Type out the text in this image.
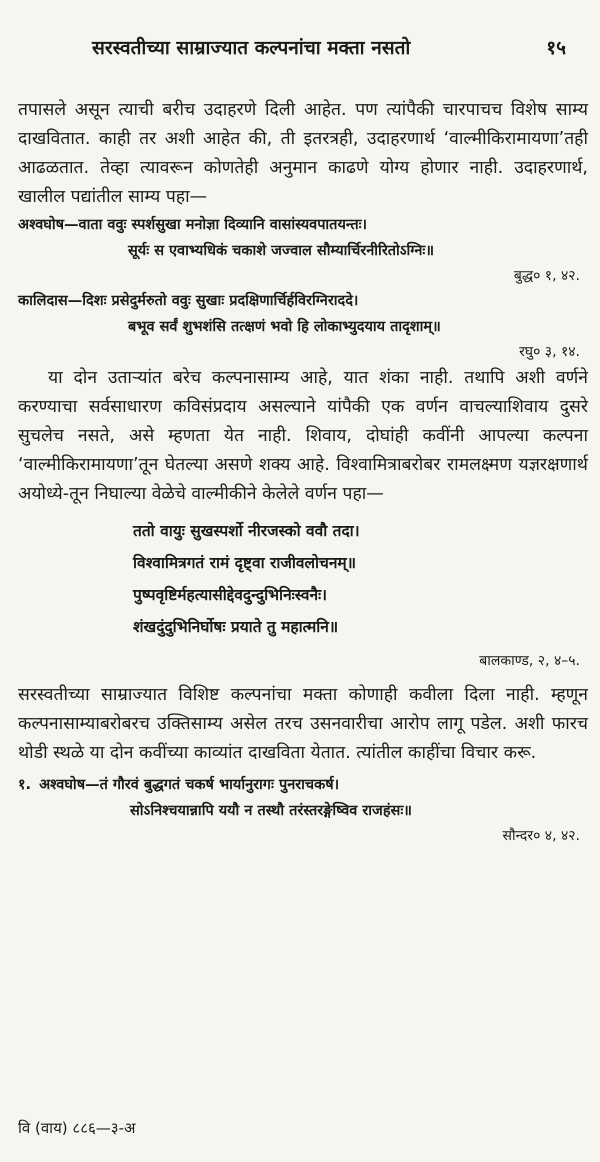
सरस्वतीच्या साम्राज्यात कल्पनांचा मक्ता नसतो	१५

तपासले असून त्याची बरीच उदाहरणे दिली आहेत. पण त्यांपैकी चारपाचच विशेष साम्य दाखवितात. काही तर अशी आहेत की, ती इतरत्रही, उदाहरणार्थ ‘वाल्मीकिरामायणा’तही आढळतात. तेव्हा त्यावरून कोणतेही अनुमान काढणे योग्य होणार नाही. उदाहरणार्थ, खालील पद्यांतील साम्य पहा—

अश्वघोष— वाता ववुः स्पर्शसुखा मनोज्ञा दिव्यानि वासांस्यवपातयन्तः।
सूर्यः स एवाभ्यधिकं चकाशे जज्वाल सौम्यार्चिरनीरितोऽग्निः॥
बुद्ध० १, ४२.
कालिदास— दिशः प्रसेदुर्मरुतो ववुः सुखाः प्रदक्षिणार्चिर्हविरग्निराददे।
बभूव सर्वं शुभशंसि तत्क्षणं भवो हि लोकाभ्युदयाय तादृशाम्॥
रघु० ३, १४.

या दोन उताऱ्यांत बरेच कल्पनासाम्य आहे, यात शंका नाही. तथापि अशी वर्णने करण्याचा सर्वसाधारण कविसंप्रदाय असल्याने यांपैकी एक वर्णन वाचल्याशिवाय दुसरे सुचलेच नसते, असे म्हणता येत नाही. शिवाय, दोघांही कवींनी आपल्या कल्पना ‘वाल्मीकिरामायणा’तून घेतल्या असणे शक्य आहे. विश्वामित्राबरोबर रामलक्ष्मण यज्ञरक्षणार्थ अयोध्ये-तून निघाल्या वेळेचे वाल्मीकीने केलेले वर्णन पहा—

ततो वायुः सुखस्पर्शो नीरजस्को ववौ तदा।
विश्वामित्रगतं रामं दृष्ट्वा राजीवलोचनम्॥
पुष्पवृष्टिर्महत्यासीद्देवदुन्दुभिनिःस्वनैः।
शंखदुंदुभिनिर्घोषः प्रयाते तु महात्मनि॥
बालकाण्ड, २, ४–५.

सरस्वतीच्या साम्राज्यात विशिष्ट कल्पनांचा मक्ता कोणाही कवीला दिला नाही. म्हणून कल्पनासाम्याबरोबरच उक्तिसाम्य असेल तरच उसनवारीचा आरोप लागू पडेल. अशी फारच थोडी स्थळे या दोन कवींच्या काव्यांत दाखविता येतात. त्यांतील काहींचा विचार करू.

१. अश्वघोष— तं गौरवं बुद्धगतं चकर्ष भार्यानुरागः पुनराचकर्ष।
सोऽनिश्चयान्नापि ययौ न तस्थौ तरंस्तरङ्गेष्विव राजहंसः॥
सौन्दर० ४, ४२.
वि (वाय) ८८६—३-अ
